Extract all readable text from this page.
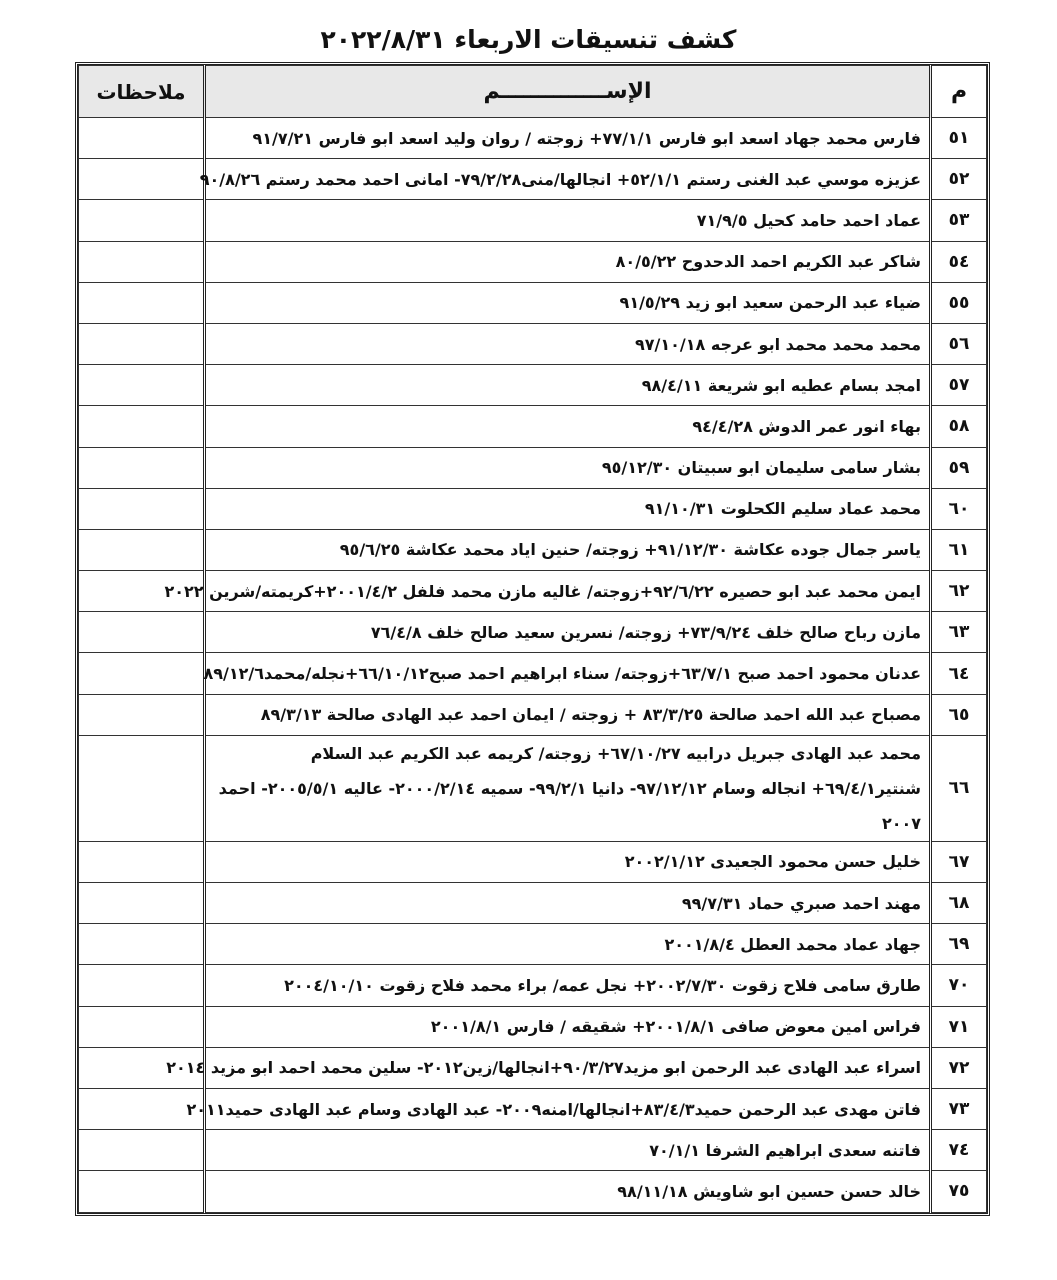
كشف تنسيقات الاربعاء ٢٠٢٢/٨/٣١
م	الإســــــــــــــم	ملاحظات
٥١	فارس محمد جهاد اسعد ابو فارس ٧٧/١/١+ زوجته / روان وليد اسعد ابو فارس ٩١/٧/٢١	
٥٢	عزيزه موسي عبد الغنى رستم ٥٢/١/١+ انجالها/منى٧٩/٢/٢٨- امانى احمد محمد رستم ٩٠/٨/٢٦	
٥٣	عماد احمد حامد كحيل ٧١/٩/٥	
٥٤	شاكر عبد الكريم احمد الدحدوح ٨٠/٥/٢٢	
٥٥	ضياء عبد الرحمن سعيد ابو زيد ٩١/٥/٢٩	
٥٦	محمد محمد محمد ابو عرجه ٩٧/١٠/١٨	
٥٧	امجد بسام عطيه ابو شريعة ٩٨/٤/١١	
٥٨	بهاء انور عمر الدوش ٩٤/٤/٢٨	
٥٩	بشار سامى سليمان ابو سبيتان ٩٥/١٢/٣٠	
٦٠	محمد عماد سليم الكحلوت ٩١/١٠/٣١	
٦١	ياسر جمال جوده عكاشة ٩١/١٢/٣٠+ زوجته/ حنين اياد محمد عكاشة ٩٥/٦/٢٥	
٦٢	ايمن محمد عبد ابو حصيره ٩٢/٦/٢٢+زوجته/ غاليه مازن محمد فلفل ٢٠٠١/٤/٢+كريمته/شرين ٢٠٢٢	
٦٣	مازن رباح صالح خلف ٧٣/٩/٢٤+ زوجته/ نسرين سعيد صالح خلف ٧٦/٤/٨	
٦٤	عدنان محمود احمد صبح ٦٣/٧/١+زوجته/ سناء ابراهيم احمد صبح٦٦/١٠/١٢+نجله/محمد٨٩/١٢/٦	
٦٥	مصباح عبد الله احمد صالحة ٨٣/٣/٢٥ + زوجته / ايمان احمد عبد الهادى صالحة ٨٩/٣/١٣	
٦٦	محمد عبد الهادى جبريل درابيه ٦٧/١٠/٢٧+ زوجته/ كريمه عبد الكريم عبد السلام شنتير٦٩/٤/١+ انجاله وسام ٩٧/١٢/١٢- دانيا ٩٩/٢/١- سميه ٢٠٠٠/٢/١٤- عاليه ٢٠٠٥/٥/١- احمد ٢٠٠٧	
٦٧	خليل حسن محمود الجعيدى ٢٠٠٢/١/١٢	
٦٨	مهند احمد صبري حماد ٩٩/٧/٣١	
٦٩	جهاد عماد محمد العطل ٢٠٠١/٨/٤	
٧٠	طارق سامى فلاح زقوت ٢٠٠٢/٧/٣٠+ نجل عمه/ براء محمد فلاح زقوت ٢٠٠٤/١٠/١٠	
٧١	فراس امين معوض صافى ٢٠٠١/٨/١+ شقيقه / فارس ٢٠٠١/٨/١	
٧٢	اسراء عبد الهادى عبد الرحمن ابو مزيد٩٠/٣/٢٧+انجالها/زين٢٠١٢- سلين محمد احمد ابو مزيد ٢٠١٤	
٧٣	فاتن مهدى عبد الرحمن حميد٨٣/٤/٣+انجالها/امنه٢٠٠٩- عبد الهادى وسام عبد الهادى حميد٢٠١١	
٧٤	فاتنه سعدى ابراهيم الشرفا ٧٠/١/١	
٧٥	خالد حسن حسين ابو شاويش ٩٨/١١/١٨	
